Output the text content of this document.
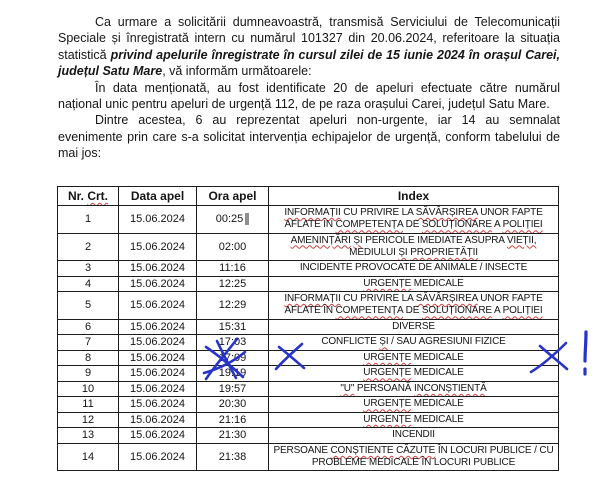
Ca urmare a solicitării dumneavoastră, transmisă Serviciului de Telecomunicații Speciale și înregistrată intern cu numărul 101327 din 20.06.2024, referitoare la situația statistică privind apelurile înregistrate în cursul zilei de 15 iunie 2024 în orașul Carei, județul Satu Mare, vă informăm următoarele:

În data menționată, au fost identificate 20 de apeluri efectuate către numărul național unic pentru apeluri de urgență 112, de pe raza orașului Carei, județul Satu Mare.

Dintre acestea, 6 au reprezentat apeluri non-urgente, iar 14 au semnalat evenimente prin care s-a solicitat intervenția echipajelor de urgență, conform tabelului de mai jos:

Nr. Crt.	Data apel	Ora apel	Index
1	15.06.2024	00:25	INFORMAȚII CU PRIVIRE LA SĂVÂRȘIREA UNOR FAPTE AFLATE ÎN COMPETENȚA DE SOLUȚIONARE A POLIȚIEI
2	15.06.2024	02:00	AMENINȚĂRI ȘI PERICOLE IMEDIATE ASUPRA VIEȚII, MEDIULUI ȘI PROPRIETĂȚII
3	15.06.2024	11:16	INCIDENTE PROVOCATE DE ANIMALE / INSECTE
4	15.06.2024	12:25	URGENȚE MEDICALE
5	15.06.2024	12:29	INFORMAȚII CU PRIVIRE LA SĂVÂRȘIREA UNOR FAPTE AFLATE ÎN COMPETENȚA DE SOLUȚIONARE A POLIȚIEI
6	15.06.2024	15:31	DIVERSE
7	15.06.2024	17:03	CONFLICTE ȘI / SAU AGRESIUNI FIZICE
8	15.06.2024	17:09	URGENȚE MEDICALE
9	15.06.2024	19:19	URGENȚE MEDICALE
10	15.06.2024	19:57	"U" PERSOANĂ INCONȘTIENTĂ
11	15.06.2024	20:30	URGENȚE MEDICALE
12	15.06.2024	21:16	URGENȚE MEDICALE
13	15.06.2024	21:30	INCENDII
14	15.06.2024	21:38	PERSOANE CONȘTIENTE CĂZUTE ÎN LOCURI PUBLICE / CU PROBLEME MEDICALE ÎN LOCURI PUBLICE
